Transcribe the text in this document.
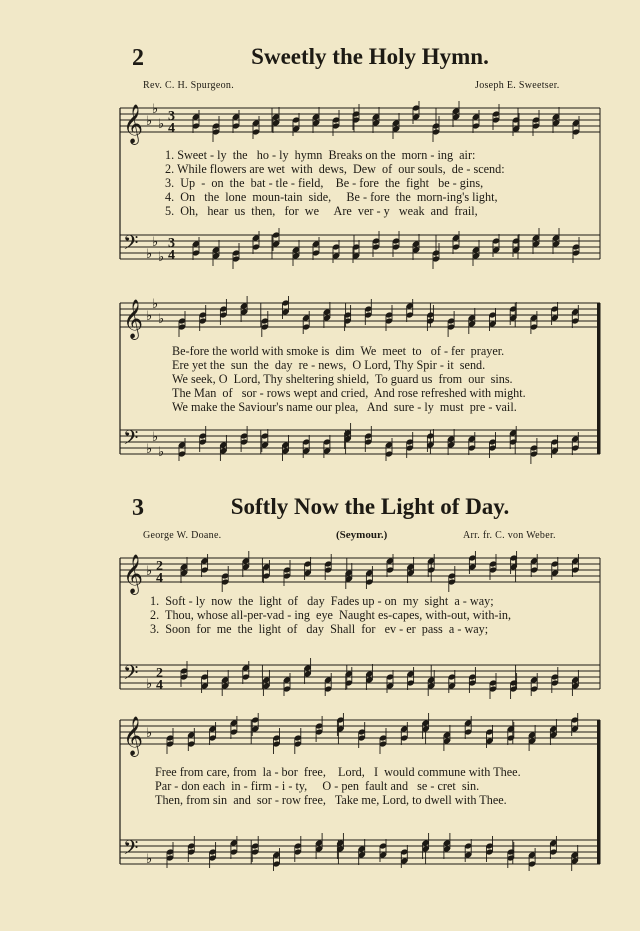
2	Sweetly the Holy Hymn.
Rev. C. H. Spurgeon.	Joseph E. Sweetser.
𝄞 ♭
♭
♭ 3
4
𝄢 ♭
♭
♭
3
4
1. Sweet - ly  the   ho - ly  hymn  Breaks on the  morn - ing  air:
2. While flowers are wet  with  dews,  Dew  of  our souls,  de - scend:
3.  Up  -  on  the  bat - tle - field,    Be - fore  the  fight   be - gins,
4.  On   the  lone  moun-tain  side,     Be - fore  the  morn-ing's light,
5.  Oh,   hear  us  then,   for  we     Are  ver - y   weak  and  frail,
𝄞 ♭
♭
♭
𝄢 ♭
♭
♭
Be-fore the world with smoke is  dim  We  meet  to   of - fer  prayer.
Ere yet the  sun  the  day  re - news,  O Lord, Thy Spir - it  send.
We seek, O  Lord, Thy sheltering shield,  To guard us  from  our  sins.
The Man  of   sor - rows wept and cried,  And rose refreshed with might.
We make the Saviour's name our plea,   And  sure - ly  must  pre - vail.
3	Softly Now the Light of Day.
George W. Doane.	(Seymour.)	Arr. fr. C. von Weber.
𝄞 ♭ 2
4
𝄢 ♭
2
4
1.  Soft - ly  now  the  light  of   day  Fades up - on  my  sight  a - way;
2.  Thou, whose all-per-vad - ing  eye  Naught es-capes, with-out, with-in,
3.  Soon  for  me  the  light  of   day  Shall  for   ev - er  pass  a - way;
𝄞 ♭
𝄢 ♭
Free from care, from  la - bor  free,    Lord,   I  would commune with Thee.
Par - don each  in - firm - i - ty,     O - pen  fault and   se - cret  sin.
Then, from sin  and  sor - row free,   Take me, Lord, to dwell with Thee.
